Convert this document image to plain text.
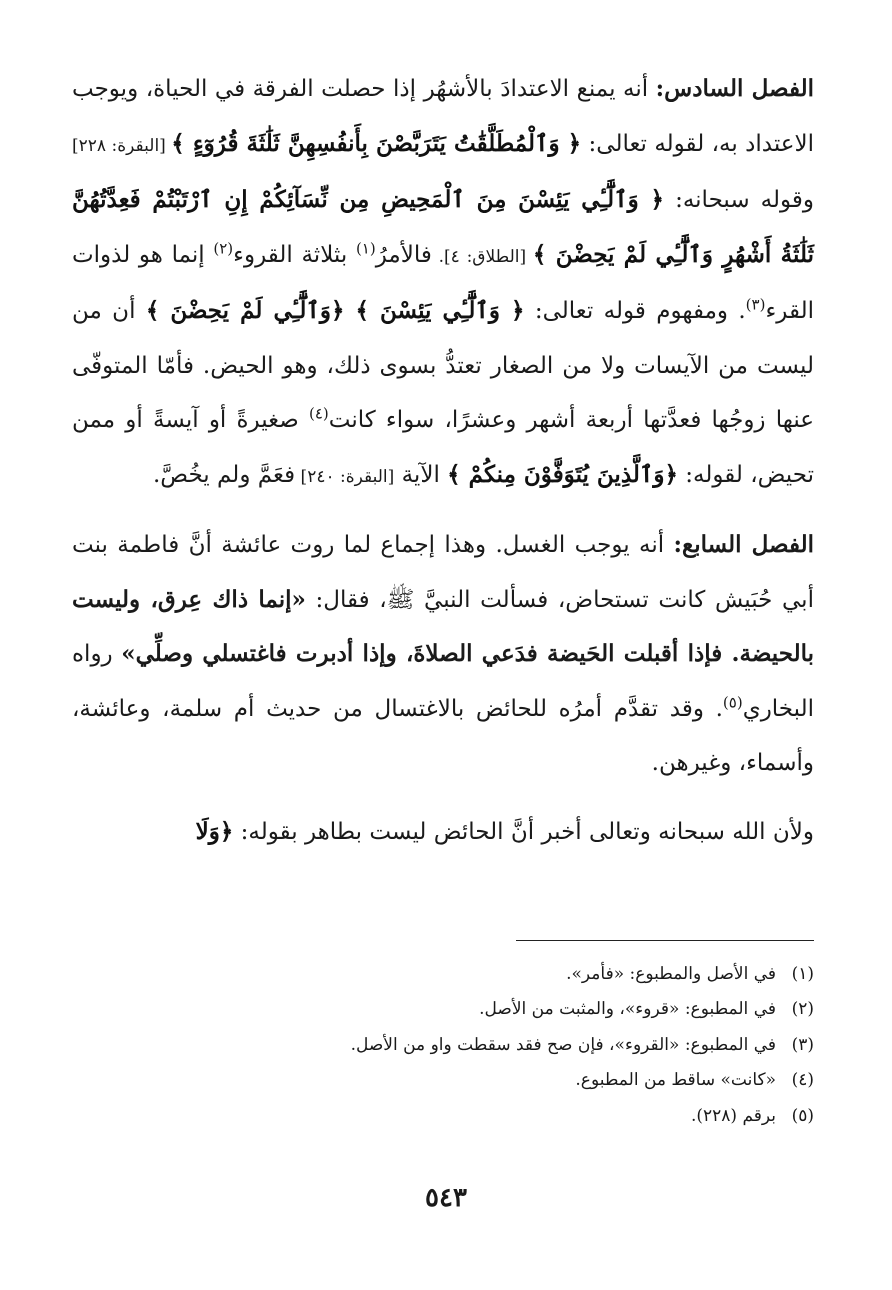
الفصل السادس: أنه يمنع الاعتدادَ بالأشهُر إذا حصلت الفرقة في الحياة، ويوجب الاعتداد به، لقوله تعالى: ﴿ وَٱلْمُطَلَّقَٰتُ يَتَرَبَّصْنَ بِأَنفُسِهِنَّ ثَلَٰثَةَ قُرُوٓءٍ ﴾ [البقرة: ٢٢٨] وقوله سبحانه: ﴿ وَٱلَّٰٓـِٔي يَئِسْنَ مِنَ ٱلْمَحِيضِ مِن نِّسَآئِكُمْ إِنِ ٱرْتَبْتُمْ فَعِدَّتُهُنَّ ثَلَٰثَةُ أَشْهُرٍ وَٱلَّٰٓـِٔي لَمْ يَحِضْنَ ﴾ [الطلاق: ٤]. فالأمرُ$^{(١)}$ بثلاثة القروء$^{(٢)}$ إنما هو لذوات القرء$^{(٣)}$. ومفهوم قوله تعالى: ﴿ وَٱلَّٰٓـِٔي يَئِسْنَ ﴾ ﴿وَٱلَّٰٓـِٔي لَمْ يَحِضْنَ ﴾ أن من ليست من الآيسات ولا من الصغار تعتدُّ بسوى ذلك، وهو الحيض. فأمّا المتوفّى عنها زوجُها فعدَّتها أربعة أشهر وعشرًا، سواء كانت$^{(٤)}$ صغيرةً أو آيسةً أو ممن تحيض، لقوله: ﴿وَٱلَّذِينَ يُتَوَفَّوْنَ مِنكُمْ ﴾ الآية [البقرة: ٢٤٠] فعَمَّ ولم يخُصَّ.

الفصل السابع: أنه يوجب الغسل. وهذا إجماع لما روت عائشة أنَّ فاطمة بنت أبي حُبَيش كانت تستحاض، فسألت النبيَّ ﷺ، فقال: «إنما ذاك عِرق، وليست بالحيضة. فإذا أقبلت الحَيضة فدَعي الصلاةَ، وإذا أدبرت فاغتسلي وصلِّي» رواه البخاري$^{(٥)}$. وقد تقدَّم أمرُه للحائض بالاغتسال من حديث أم سلمة، وعائشة، وأسماء، وغيرهن.

ولأن الله سبحانه وتعالى أخبر أنَّ الحائض ليست بطاهر بقوله: ﴿وَلَا

(١)في الأصل والمطبوع: «فأمر».
(٢)في المطبوع: «قروء»، والمثبت من الأصل.
(٣)في المطبوع: «القروء»، فإن صح فقد سقطت واو من الأصل.
(٤)«كانت» ساقط من المطبوع.
(٥)برقم (٢٢٨).
٥٤٣
